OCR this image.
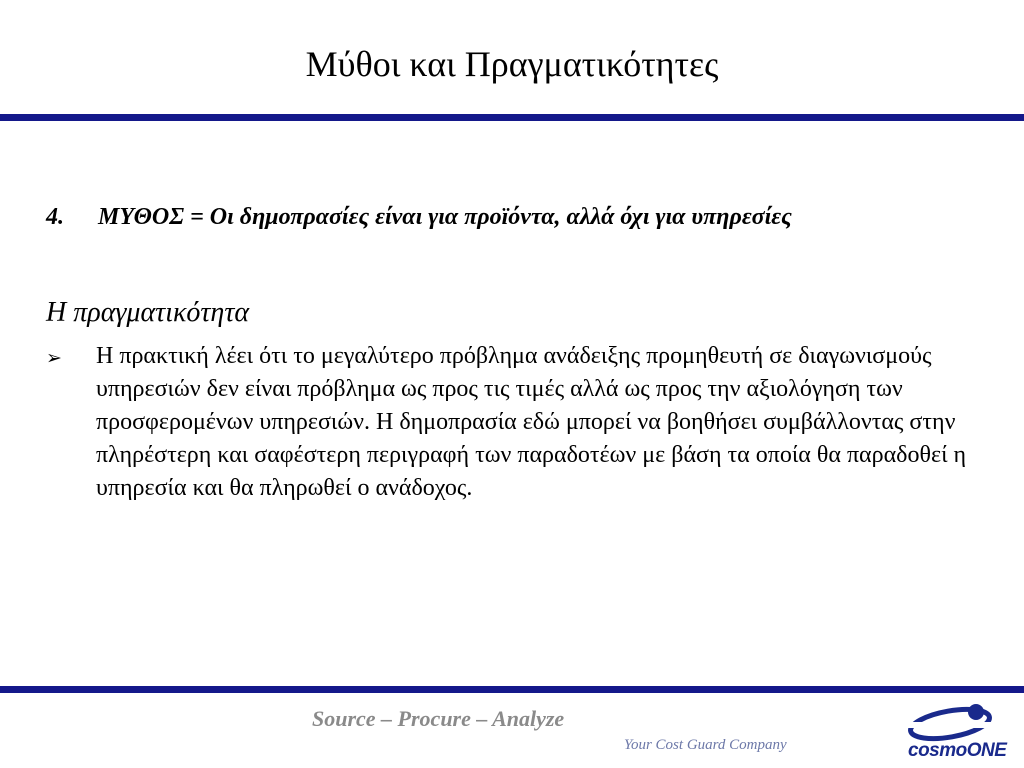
Μύθοι και Πραγματικότητες
4. ΜΥΘΟΣ = Οι δημοπρασίες είναι για προϊόντα, αλλά όχι για υπηρεσίες
Η πραγματικότητα
➢ Η πρακτική λέει ότι το μεγαλύτερο πρόβλημα ανάδειξης προμηθευτή σε διαγωνισμούς υπηρεσιών δεν είναι πρόβλημα ως προς τις τιμές αλλά ως προς την αξιολόγηση των προσφερομένων υπηρεσιών. Η δημοπρασία εδώ μπορεί να βοηθήσει συμβάλλοντας στην πληρέστερη και σαφέστερη περιγραφή των παραδοτέων με βάση τα οποία θα παραδοθεί η υπηρεσία και θα πληρωθεί ο ανάδοχος.
Source – Procure – Analyze
Your Cost Guard Company	cosmoONE
